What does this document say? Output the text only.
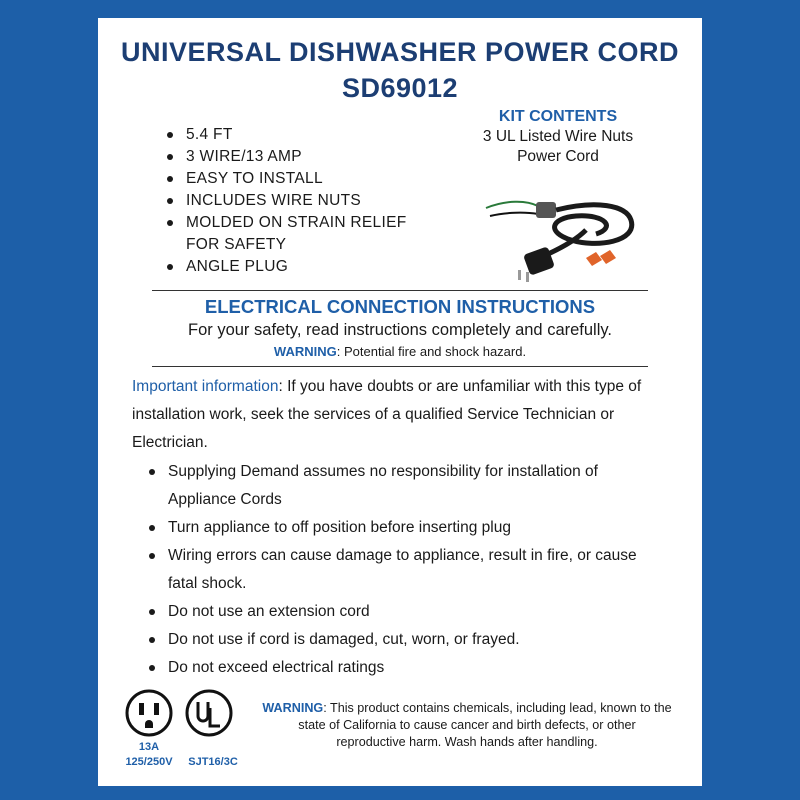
UNIVERSAL DISHWASHER POWER CORD
SD69012
5.4 FT
3 WIRE/13 AMP
EASY TO INSTALL
INCLUDES WIRE NUTS
MOLDED ON STRAIN RELIEF FOR SAFETY
ANGLE PLUG
KIT CONTENTS
3 UL Listed Wire Nuts
Power Cord
ELECTRICAL CONNECTION INSTRUCTIONS
For your safety, read instructions completely and carefully.
WARNING: Potential fire and shock hazard.
Important information: If you have doubts or are unfamiliar with this type of installation work, seek the services of a qualified Service Technician or Electrician.
Supplying Demand assumes no responsibility for installation of Appliance Cords
Turn appliance to off position before inserting plug
Wiring errors can cause damage to appliance, result in fire, or cause fatal shock.
Do not use an extension cord
Do not use if cord is damaged, cut, worn, or frayed.
Do not exceed electrical ratings
13A
125/250V	SJT16/3C
WARNING: This product contains chemicals, including lead, known to the state of California to cause cancer and birth defects, or other reproductive harm. Wash hands after handling.
